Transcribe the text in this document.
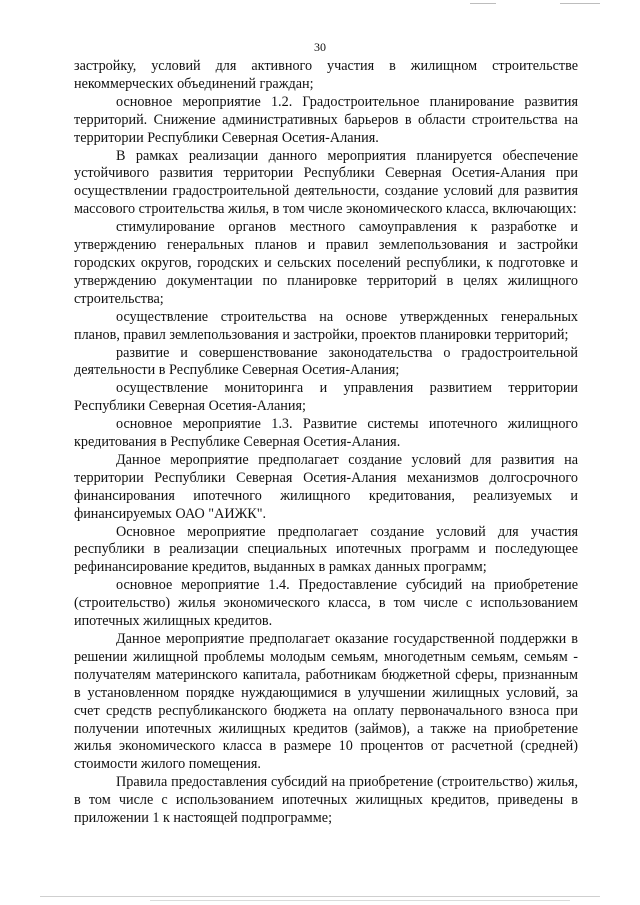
30

застройку, условий для активного участия в жилищном строительстве некоммерческих объединений граждан;

основное мероприятие 1.2. Градостроительное планирование развития территорий. Снижение административных барьеров в области строительства на территории Республики Северная Осетия-Алания.

В рамках реализации данного мероприятия планируется обеспечение устойчивого развития территории Республики Северная Осетия-Алания при осуществлении градостроительной деятельности, создание условий для развития массового строительства жилья, в том числе экономического класса, включающих:

стимулирование органов местного самоуправления к разработке и утверждению генеральных планов и правил землепользования и застройки городских округов, городских и сельских поселений республики, к подготовке и утверждению документации по планировке территорий в целях жилищного строительства;

осуществление строительства на основе утвержденных генеральных планов, правил землепользования и застройки, проектов планировки территорий;

развитие и совершенствование законодательства о градостроительной деятельности в Республике Северная Осетия-Алания;

осуществление мониторинга и управления развитием территории Республики Северная Осетия-Алания;

основное мероприятие 1.3. Развитие системы ипотечного жилищного кредитования в Республике Северная Осетия-Алания.

Данное мероприятие предполагает создание условий для развития на территории Республики Северная Осетия-Алания механизмов долгосрочного финансирования ипотечного жилищного кредитования, реализуемых и финансируемых ОАО "АИЖК".

Основное мероприятие предполагает создание условий для участия республики в реализации специальных ипотечных программ и последующее рефинансирование кредитов, выданных в рамках данных программ;

основное мероприятие 1.4. Предоставление субсидий на приобретение (строительство) жилья экономического класса, в том числе с использованием ипотечных жилищных кредитов.

Данное мероприятие предполагает оказание государственной поддержки в решении жилищной проблемы молодым семьям, многодетным семьям, семьям - получателям материнского капитала, работникам бюджетной сферы, признанным в установленном порядке нуждающимися в улучшении жилищных условий, за счет средств республиканского бюджета на оплату первоначального взноса при получении ипотечных жилищных кредитов (займов), а также на приобретение жилья экономического класса в размере 10 процентов от расчетной (средней) стоимости жилого помещения.

Правила предоставления субсидий на приобретение (строительство) жилья, в том числе с использованием ипотечных жилищных кредитов, приведены в приложении 1 к настоящей подпрограмме;
